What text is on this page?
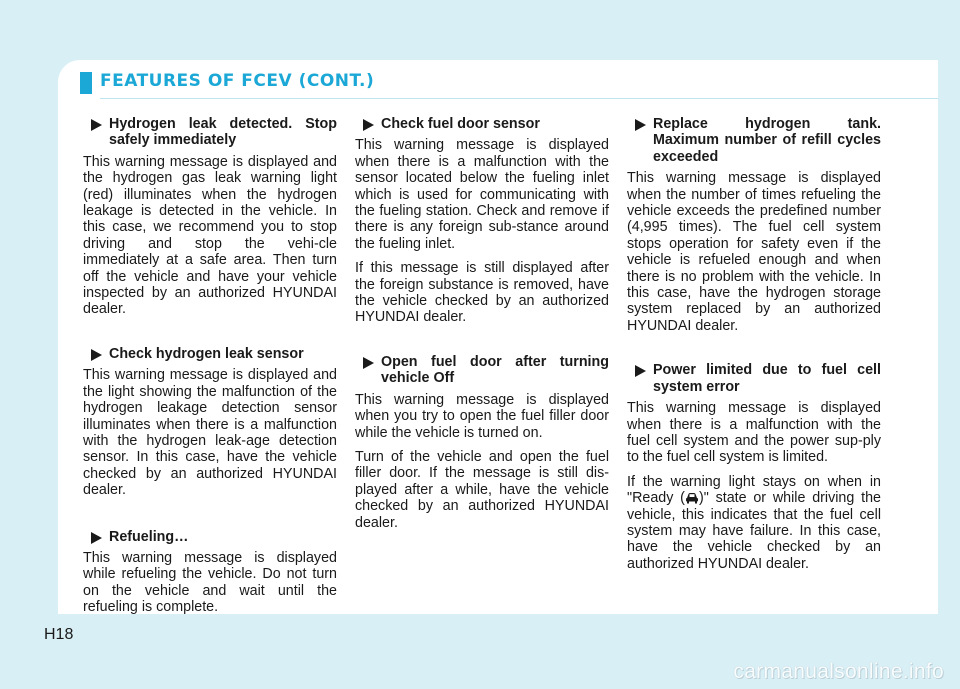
FEATURES OF FCEV (CONT.)
Hydrogen leak detected. Stop safely immediately

This warning message is displayed and the hydrogen gas leak warning light (red) illuminates when the hydrogen leakage is detected in the vehicle. In this case, we recommend you to stop driving and stop the vehi-cle immediately at a safe area. Then turn off the vehicle and have your vehicle inspected by an authorized HYUNDAI dealer.

Check hydrogen leak sensor

This warning message is displayed and the light showing the malfunction of the hydrogen leakage detection sensor illuminates when there is a malfunction with the hydrogen leak-age detection sensor. In this case, have the vehicle checked by an authorized HYUNDAI dealer.

Refueling…

This warning message is displayed while refueling the vehicle. Do not turn on the vehicle and wait until the refueling is complete.

Check fuel door sensor

This warning message is displayed when there is a malfunction with the sensor located below the fueling inlet which is used for communicating with the fueling station. Check and remove if there is any foreign sub-stance around the fueling inlet.

If this message is still displayed after the foreign substance is removed, have the vehicle checked by an authorized HYUNDAI dealer.

Open fuel door after turning vehicle Off

This warning message is displayed when you try to open the fuel filler door while the vehicle is turned on.

Turn of the vehicle and open the fuel filler door. If the message is still dis-played after a while, have the vehicle checked by an authorized HYUNDAI dealer.

Replace hydrogen tank. Maximum number of refill cycles exceeded

This warning message is displayed when the number of times refueling the vehicle exceeds the predefined number (4,995 times). The fuel cell system stops operation for safety even if the vehicle is refueled enough and when there is no problem with the vehicle. In this case, have the hydrogen storage system replaced by an authorized HYUNDAI dealer.

Power limited due to fuel cell system error

This warning message is displayed when there is a malfunction with the fuel cell system and the power sup-ply to the fuel cell system is limited.

If the warning light stays on when in "Ready ( )" state or while driving the vehicle, this indicates that the fuel cell system may have failure. In this case, have the vehicle checked by an authorized HYUNDAI dealer.

H18
carmanualsonline.info
